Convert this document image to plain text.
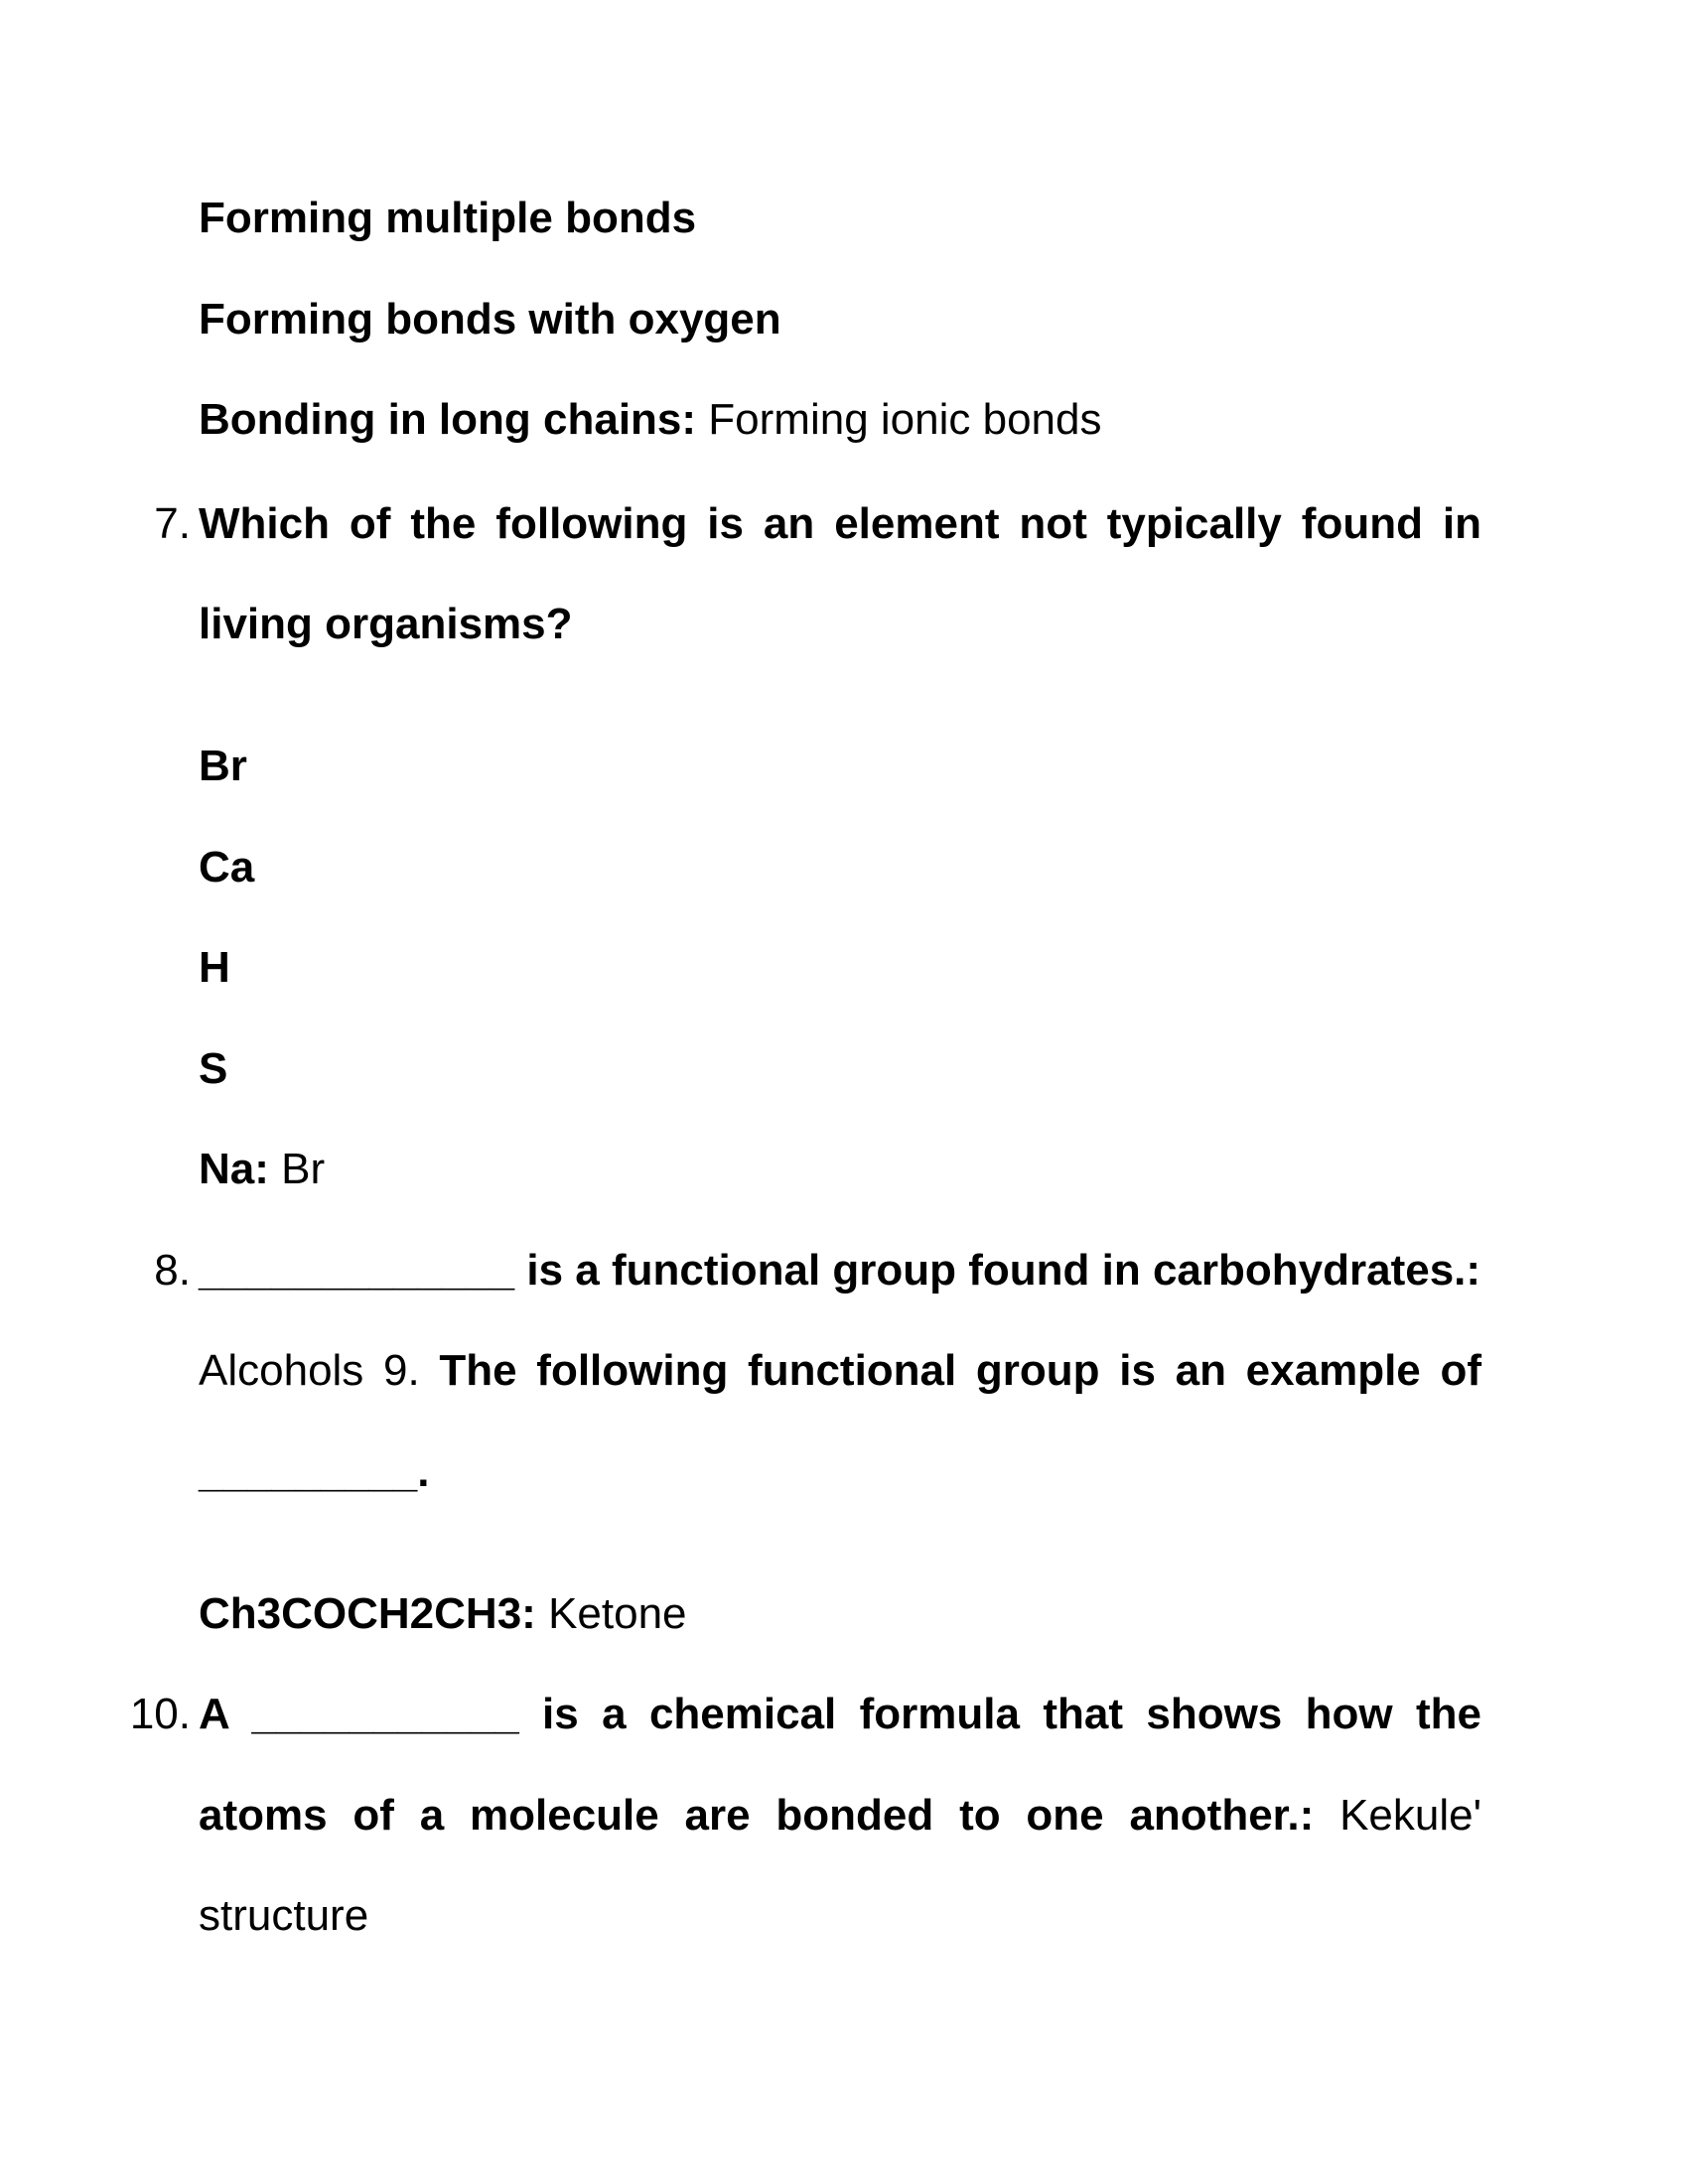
Forming multiple bonds
Forming bonds with oxygen
Bonding in long chains: Forming ionic bonds
7. Which of the following is an element not typically found in
living organisms?
Br
Ca
H
S
Na: Br
8. _____________ is a functional group found in carbohydrates.:
Alcohols 9. The following functional group is an example of
_________.
Ch3COCH2CH3: Ketone
10. A ___________ is a chemical formula that shows how the
atoms of a molecule are bonded to one another.: Kekule'
structure
